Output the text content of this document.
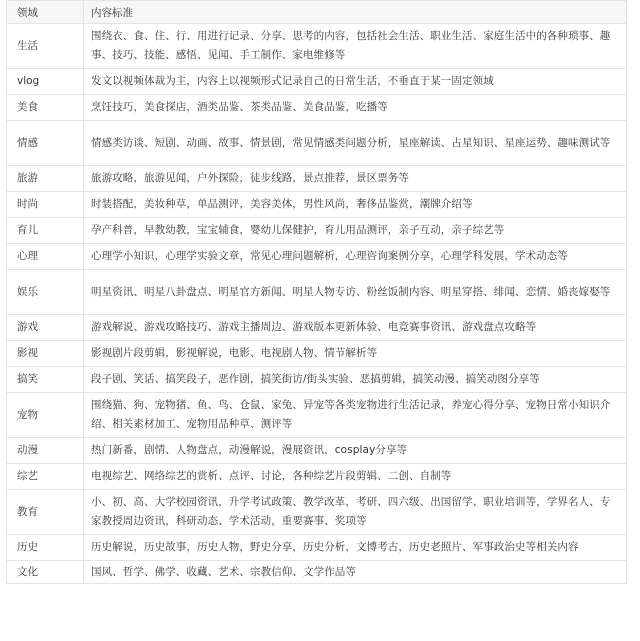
领域	内容标准
生活	围绕衣、食、住、行、用进行记录、分享、思考的内容，包括社会生活、职业生活、家庭生活中的各种琐事、趣事、技巧、技能、感悟、见闻、手工制作、家电维修等
vlog	发文以视频体裁为主，内容上以视频形式记录自己的日常生活，不垂直于某一固定领域
美食	烹饪技巧，美食探店，酒类品鉴、茶类品鉴、美食品鉴，吃播等
情感	情感类访谈、短剧、动画、故事、情景剧，常见情感类问题分析，星座解读、占星知识、星座运势、趣味测试等
旅游	旅游攻略，旅游见闻，户外探险，徒步线路，景点推荐，景区票务等
时尚	时装搭配，美妆种草，单品测评，美容美体，男性风尚，奢侈品鉴赏，潮牌介绍等
育儿	孕产科普，早教幼教，宝宝辅食，婴幼儿保健护，育儿用品测评，亲子互动，亲子综艺等
心理	心理学小知识，心理学实验文章，常见心理问题解析，心理咨询案例分享，心理学科发展，学术动态等
娱乐	明星资讯、明星八卦盘点、明星官方新闻、明星人物专访、粉丝饭制内容、明星穿搭、绯闻、恋情、婚丧嫁娶等
游戏	游戏解说、游戏攻略技巧、游戏主播周边、游戏版本更新体验、电竞赛事资讯、游戏盘点攻略等
影视	影视剧片段剪辑，影视解说，电影、电视剧人物、情节解析等
搞笑	段子剧、笑话、搞笑段子，恶作剧，搞笑街访/街头实验、恶搞剪辑，搞笑动漫、搞笑动图分享等
宠物	围绕猫、狗、宠物猪、鱼、鸟、仓鼠、家兔、异宠等各类宠物进行生活记录，养宠心得分享、宠物日常小知识介绍、相关素材加工、宠物用品种草、测评等
动漫	热门新番，剧情、人物盘点，动漫解说，漫展资讯，cosplay分享等
综艺	电视综艺、网络综艺的赏析、点评、讨论，各种综艺片段剪辑、二创、自制等
教育	小、初、高、大学校园资讯，升学考试政策、教学改革，考研、四六级、出国留学、职业培训等，学界名人、专家教授周边资讯，科研动态、学术活动，重要赛事、奖项等
历史	历史解说，历史故事，历史人物，野史分享，历史分析，文博考古，历史老照片、军事政治史等相关内容
文化	国风、哲学、佛学、收藏、艺术、宗教信仰、文学作品等
